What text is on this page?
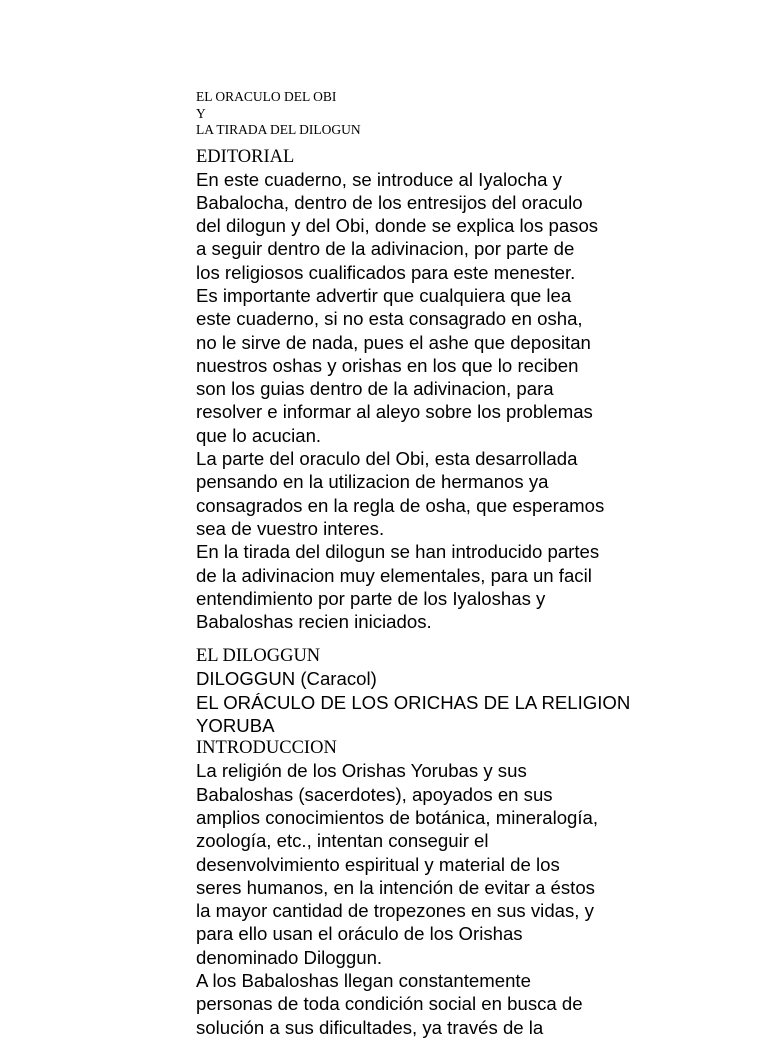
EL ORACULO DEL OBI
Y
LA TIRADA DEL DILOGUN
EDITORIAL
En este cuaderno, se introduce al Iyalocha y
Babalocha, dentro de los entresijos del oraculo
del dilogun y del Obi, donde se explica los pasos
a seguir dentro de la adivinacion, por parte de
los religiosos cualificados para este menester.
Es importante advertir que cualquiera que lea
este cuaderno, si no esta consagrado en osha,
no le sirve de nada, pues el ashe que depositan
nuestros oshas y orishas en los que lo reciben
son los guias dentro de la adivinacion, para
resolver e informar al aleyo sobre los problemas
que lo acucian.
La parte del oraculo del Obi, esta desarrollada
pensando en la utilizacion de hermanos ya
consagrados en la regla de osha, que esperamos
sea de vuestro interes.
En la tirada del dilogun se han introducido partes
de la adivinacion muy elementales, para un facil
entendimiento por parte de los Iyaloshas y
Babaloshas recien iniciados.
EL DILOGGUN
DILOGGUN (Caracol)
EL ORÁCULO DE LOS ORICHAS DE LA RELIGION
YORUBA
INTRODUCCION
La religión de los Orishas Yorubas y sus
Babaloshas (sacerdotes), apoyados en sus
amplios conocimientos de botánica, mineralogía,
zoología, etc., intentan conseguir el
desenvolvimiento espiritual y material de los
seres humanos, en la intención de evitar a éstos
la mayor cantidad de tropezones en sus vidas, y
para ello usan el oráculo de los Orishas
denominado Diloggun.
A los Babaloshas llegan constantemente
personas de toda condición social en busca de
solución a sus dificultades, ya través de la
